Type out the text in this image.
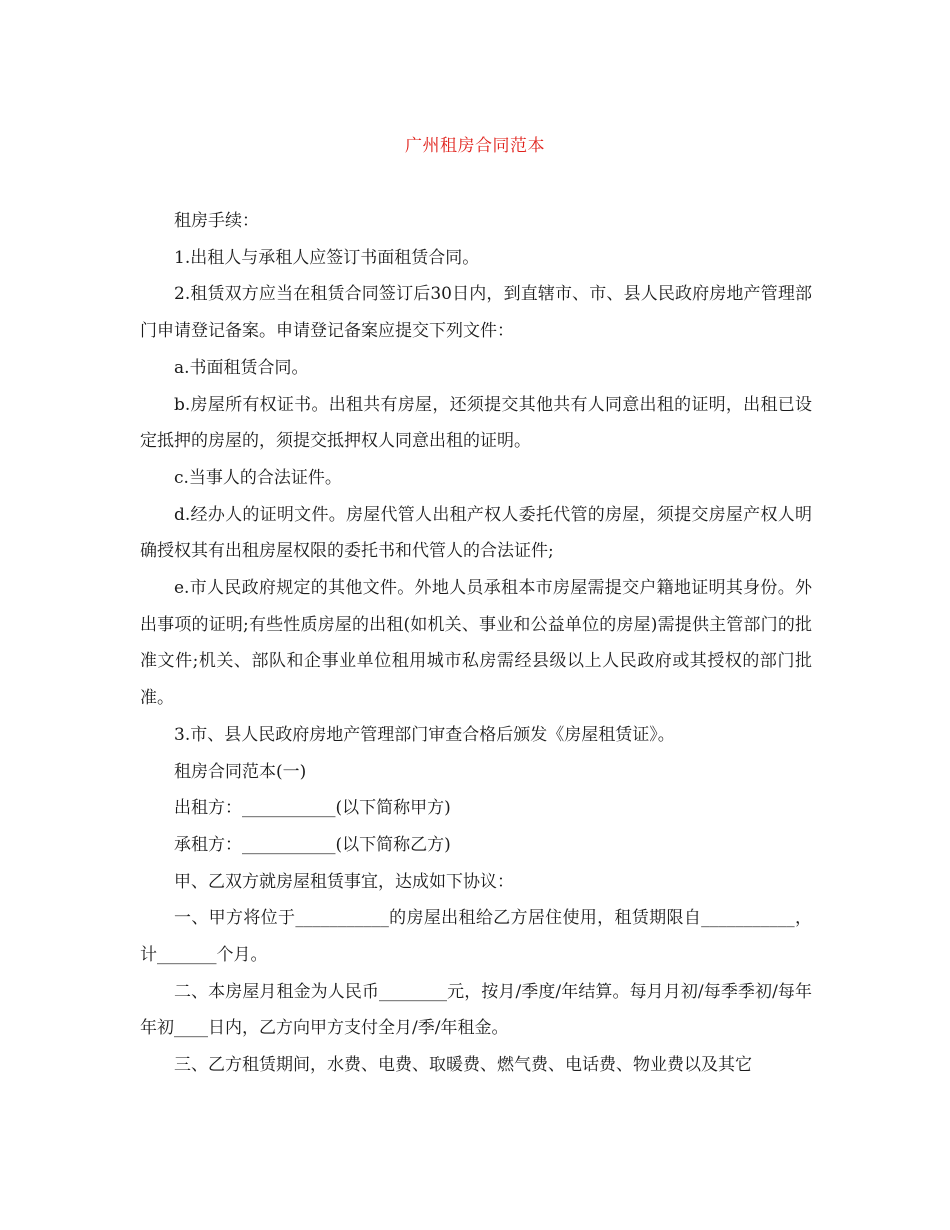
广州租房合同范本

租房手续：

1.出租人与承租人应签订书面租赁合同。

2.租赁双方应当在租赁合同签订后30日内，到直辖市、市、县人民政府房地产管理部门申请登记备案。申请登记备案应提交下列文件：

a.书面租赁合同。

b.房屋所有权证书。出租共有房屋，还须提交其他共有人同意出租的证明，出租已设定抵押的房屋的，须提交抵押权人同意出租的证明。

c.当事人的合法证件。

d.经办人的证明文件。房屋代管人出租产权人委托代管的房屋，须提交房屋产权人明确授权其有出租房屋权限的委托书和代管人的合法证件;

e.市人民政府规定的其他文件。外地人员承租本市房屋需提交户籍地证明其身份。外出事项的证明;有些性质房屋的出租(如机关、事业和公益单位的房屋)需提供主管部门的批准文件;机关、部队和企事业单位租用城市私房需经县级以上人民政府或其授权的部门批准。

3.市、县人民政府房地产管理部门审查合格后颁发《房屋租赁证》。

租房合同范本(一)

出租方：___________(以下简称甲方)

承租方：___________(以下简称乙方)

甲、乙双方就房屋租赁事宜，达成如下协议：

一、甲方将位于___________的房屋出租给乙方居住使用，租赁期限自___________，计_______个月。

二、本房屋月租金为人民币________元，按月/季度/年结算。每月月初/每季季初/每年年初____日内，乙方向甲方支付全月/季/年租金。

三、乙方租赁期间，水费、电费、取暖费、燃气费、电话费、物业费以及其它
